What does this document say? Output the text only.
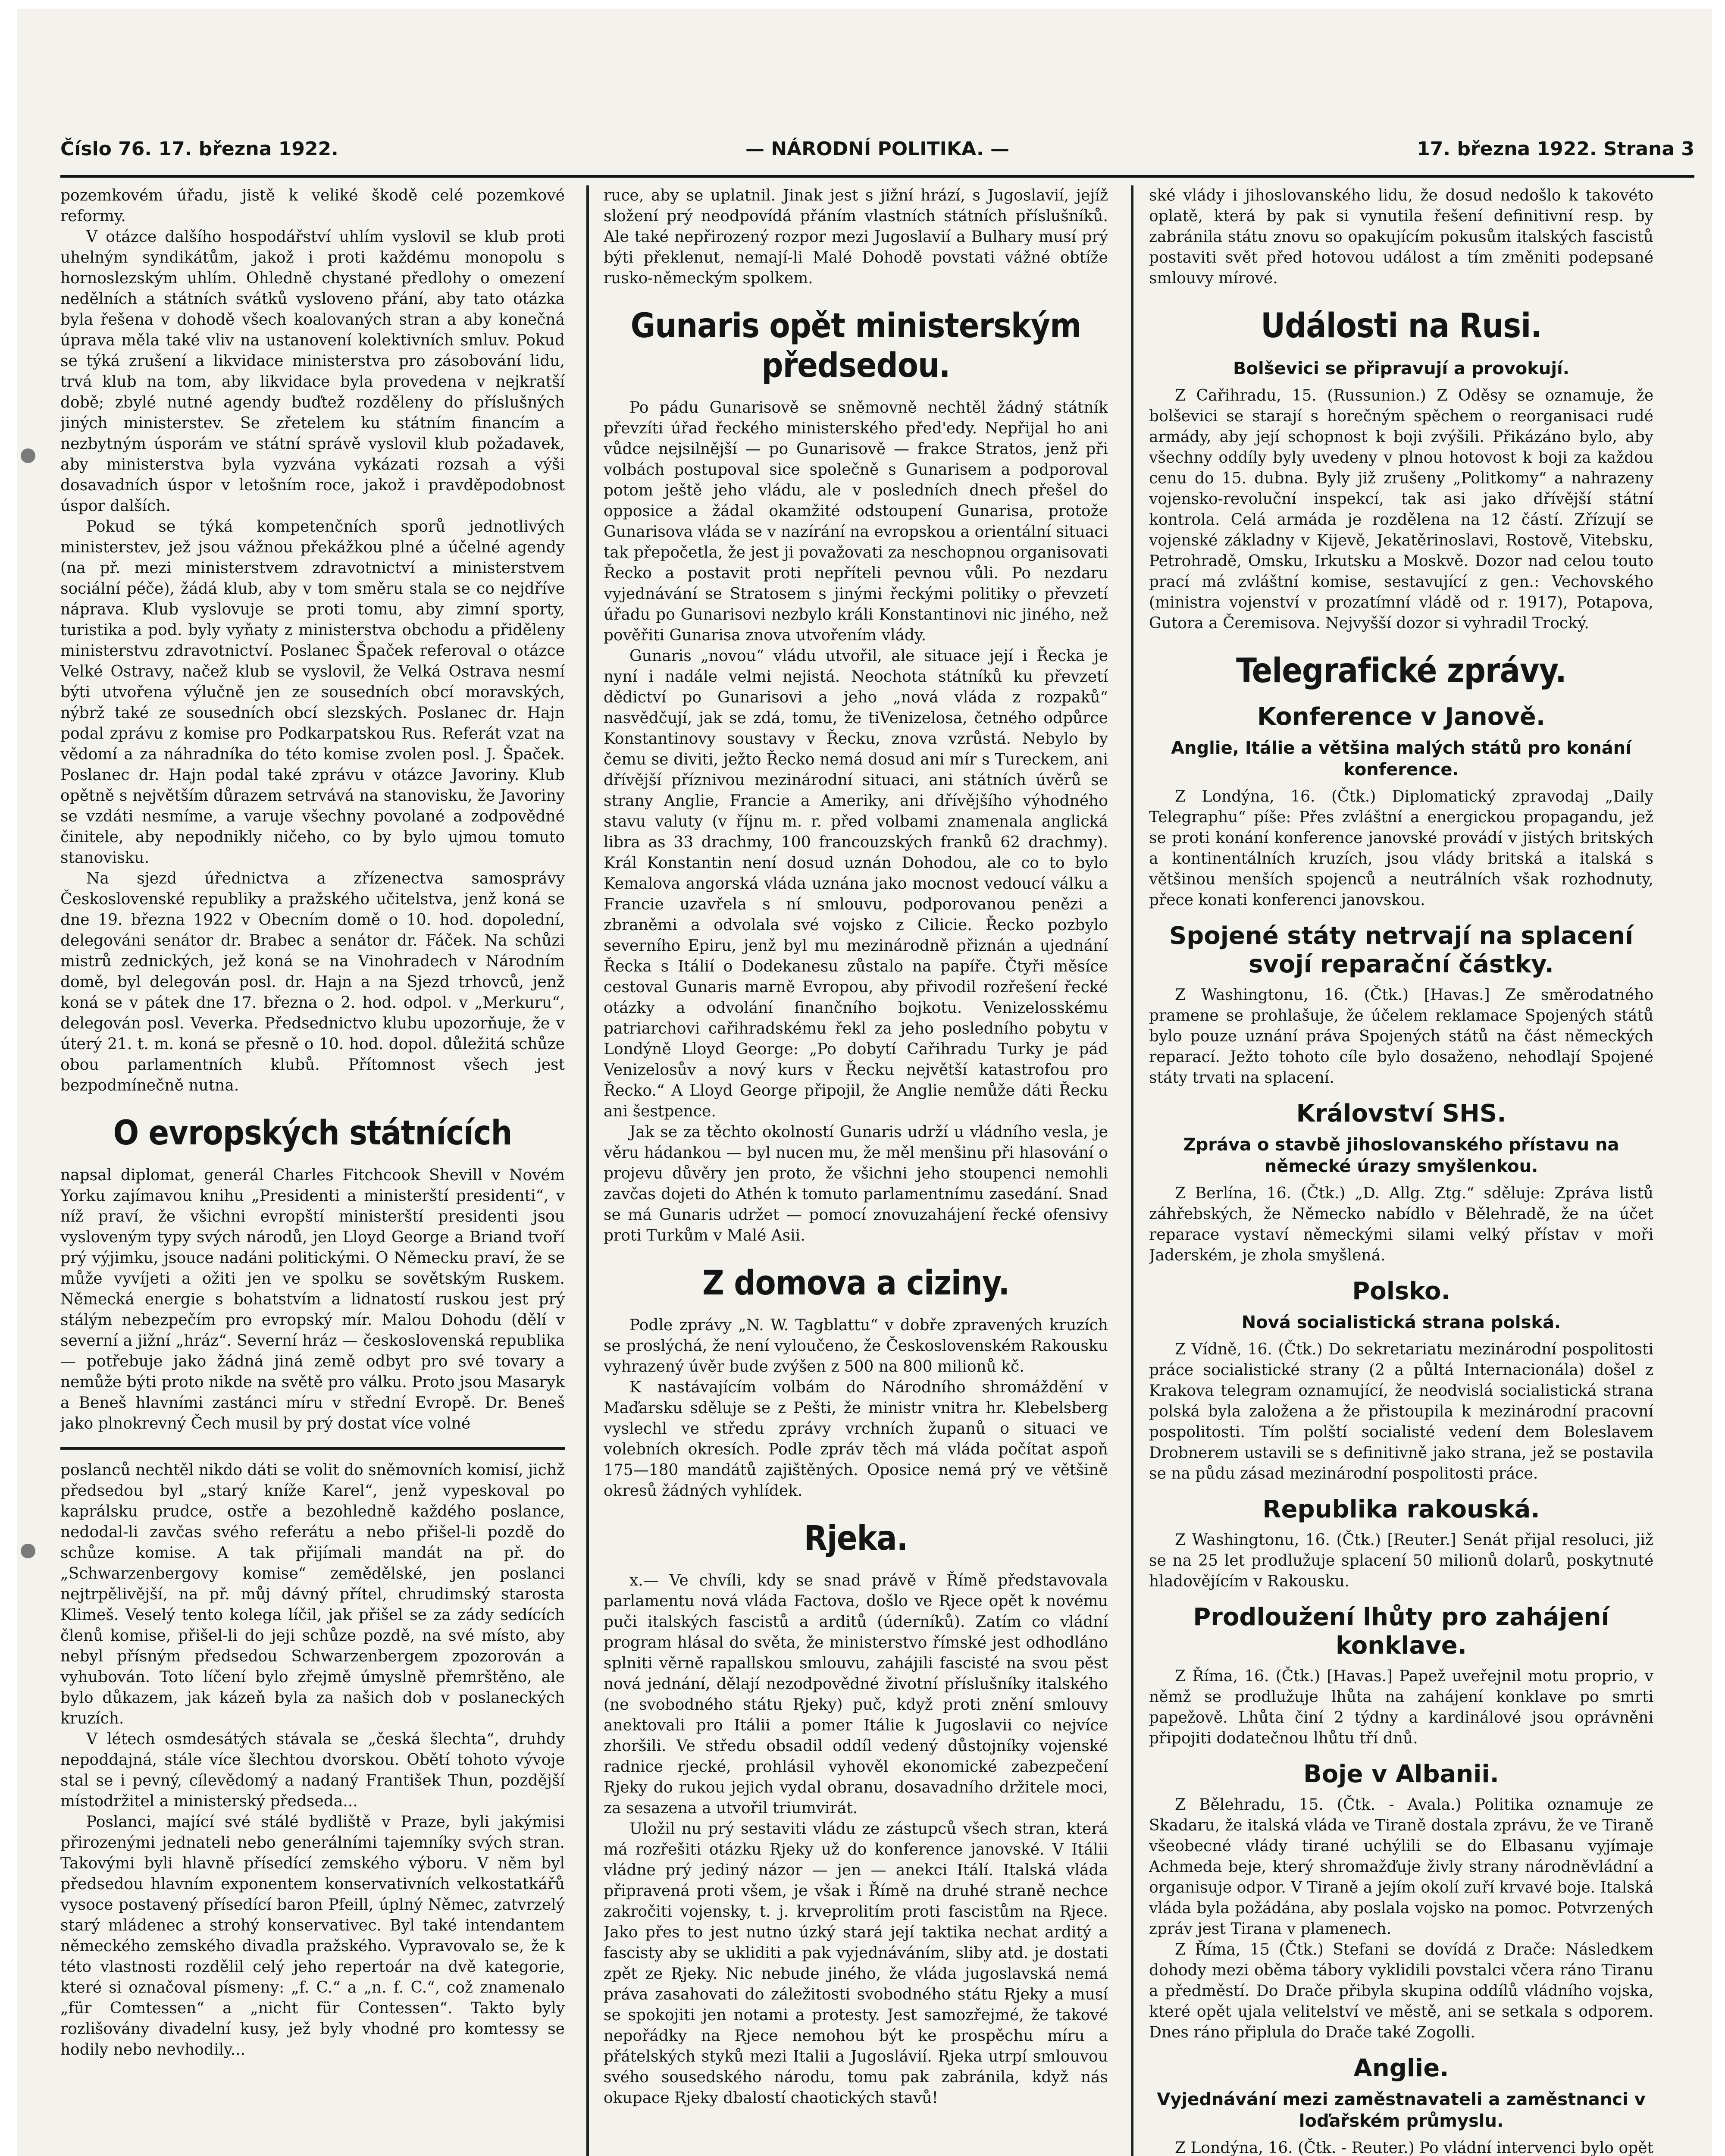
Číslo 76. 17. března 1922.	— NÁRODNÍ POLITIKA. —	17. března 1922. Strana 3

pozemkovém úřadu, jistě k veliké škodě celé pozemkové reformy.

V otázce dalšího hospodářství uhlím vyslovil se klub proti uhelným syndikátům, jakož i proti každému monopolu s hornoslezským uhlím. Ohledně chystané předlohy o omezení nedělních a státních svátků vysloveno přání, aby tato otázka byla řešena v dohodě všech koalovaných stran a aby konečná úprava měla také vliv na ustanovení kolektivních smluv. Pokud se týká zrušení a likvidace ministerstva pro zásobování lidu, trvá klub na tom, aby likvidace byla provedena v nejkratší době; zbylé nutné agendy buďtež rozděleny do příslušných jiných ministerstev. Se zřetelem ku státním financím a nezbytným úsporám ve státní správě vyslovil klub požadavek, aby ministerstva byla vyzvána vykázati rozsah a výši dosavadních úspor v letošním roce, jakož i pravděpodobnost úspor dalších.

Pokud se týká kompetenčních sporů jednotlivých ministerstev, jež jsou vážnou překážkou plné a účelné agendy (na př. mezi ministerstvem zdravotnictví a ministerstvem sociální péče), žádá klub, aby v tom směru stala se co nejdříve náprava. Klub vyslovuje se proti tomu, aby zimní sporty, turistika a pod. byly vyňaty z ministerstva obchodu a přiděleny ministerstvu zdravotnictví. Poslanec Špaček referoval o otázce Velké Ostravy, načež klub se vyslovil, že Velká Ostrava nesmí býti utvořena výlučně jen ze sousedních obcí moravských, nýbrž také ze sousedních obcí slezských. Poslanec dr. Hajn podal zprávu z komise pro Podkarpatskou Rus. Referát vzat na vědomí a za náhradníka do této komise zvolen posl. J. Špaček. Poslanec dr. Hajn podal také zprávu v otázce Javoriny. Klub opětně s největším důrazem setrvává na stanovisku, že Javoriny se vzdáti nesmíme, a varuje všechny povolané a zodpovědné činitele, aby nepodnikly ničeho, co by bylo ujmou tomuto stanovisku.

Na sjezd úřednictva a zřízenectva samosprávy Československé republiky a pražského učitelstva, jenž koná se dne 19. března 1922 v Obecním domě o 10. hod. dopolední, delegováni senátor dr. Brabec a senátor dr. Fáček. Na schůzi mistrů zednických, jež koná se na Vinohradech v Národním domě, byl delegován posl. dr. Hajn a na Sjezd trhovců, jenž koná se v pátek dne 17. března o 2. hod. odpol. v „Merkuru“, delegován posl. Veverka. Předsednictvo klubu upozorňuje, že v úterý 21. t. m. koná se přesně o 10. hod. dopol. důležitá schůze obou parlamentních klubů. Přítomnost všech jest bezpodmínečně nutna.

O evropských státnících

napsal diplomat, generál Charles Fitchcook Shevill v Novém Yorku zajímavou knihu „Presidenti a ministerští presidenti“, v níž praví, že všichni evropští ministerští presidenti jsou vysloveným typy svých národů, jen Lloyd George a Briand tvoří prý výjimku, jsouce nadáni politickými. O Německu praví, že se může vyvíjeti a ožiti jen ve spolku se sovětským Ruskem. Německá energie s bohatstvím a lidnatostí ruskou jest prý stálým nebezpečím pro evropský mír. Malou Dohodu (dělí v severní a jižní „hráz“. Severní hráz — československá republika — potřebuje jako žádná jiná země odbyt pro své tovary a nemůže býti proto nikde na světě pro válku. Proto jsou Masaryk a Beneš hlavními zastánci míru v střední Evropě. Dr. Beneš jako plnokrevný Čech musil by prý dostat více volné

poslanců nechtěl nikdo dáti se volit do sněmovních komisí, jichž předsedou byl „starý kníže Karel“, jenž vypeskoval po kaprálsku prudce, ostře a bezohledně každého poslance, nedodal-li zavčas svého referátu a nebo přišel-li pozdě do schůze komise. A tak přijímali mandát na př. do „Schwarzenbergovy komise“ zemědělské, jen poslanci nejtrpělivější, na př. můj dávný přítel, chrudimský starosta Klimeš. Veselý tento kolega líčil, jak přišel se za zády sedících členů komise, přišel-li do jeji schůze pozdě, na své místo, aby nebyl přísným předsedou Schwarzenbergem zpozorován a vyhubován. Toto líčení bylo zřejmě úmyslně přemrštěno, ale bylo důkazem, jak kázeň byla za našich dob v poslaneckých kruzích.

V létech osmdesátých stávala se „česká šlechta“, druhdy nepoddajná, stále více šlechtou dvorskou. Obětí tohoto vývoje stal se i pevný, cílevědomý a nadaný František Thun, pozdější místodržitel a ministerský předseda...

Poslanci, mající své stálé bydliště v Praze, byli jakýmisi přirozenými jednateli nebo generálními tajemníky svých stran. Takovými byli hlavně přísedící zemského výboru. V něm byl předsedou hlavním exponentem konservativních velkostatkářů vysoce postavený přísedící baron Pfeill, úplný Němec, zatvrzelý starý mládenec a strohý konservativec. Byl také intendantem německého zemského divadla pražského. Vypravovalo se, že k této vlastnosti rozdělil celý jeho repertoár na dvě kategorie, které si označoval písmeny: „f. C.“ a „n. f. C.“, což znamenalo „für Comtessen“ a „nicht für Contessen“. Takto byly rozlišovány divadelní kusy, jež byly vhodné pro komtessy se hodily nebo nevhodily...

ruce, aby se uplatnil. Jinak jest s jižní hrází, s Jugoslavií, jejíž složení prý neodpovídá přáním vlastních státních příslušníků. Ale také nepřirozený rozpor mezi Jugoslavií a Bulhary musí prý býti překlenut, nemají-li Malé Dohodě povstati vážné obtíže rusko-německým spolkem.

Gunaris opět ministerským předsedou.

Po pádu Gunarisově se sněmovně nechtěl žádný státník převzíti úřad řeckého ministerského před'edy. Nepřijal ho ani vůdce nejsilnější — po Gunarisově — frakce Stratos, jenž při volbách postupoval sice společně s Gunarisem a podporoval potom ještě jeho vládu, ale v posledních dnech přešel do opposice a žádal okamžité odstoupení Gunarisa, protože Gunarisova vláda se v nazírání na evropskou a orientální situaci tak přepočetla, že jest ji považovati za neschopnou organisovati Řecko a postavit proti nepříteli pevnou vůli. Po nezdaru vyjednávání se Stratosem s jinými řeckými politiky o převzetí úřadu po Gunarisovi nezbylo králi Konstantinovi nic jiného, než pověřiti Gunarisa znova utvořením vlády.

Gunaris „novou“ vládu utvořil, ale situace její i Řecka je nyní i nadále velmi nejistá. Neochota státníků ku převzetí dědictví po Gunarisovi a jeho „nová vláda z rozpaků“ nasvědčují, jak se zdá, tomu, že tiVenizelosa, četného odpůrce Konstantinovy soustavy v Řecku, znova vzrůstá. Nebylo by čemu se diviti, ježto Řecko nemá dosud ani mír s Tureckem, ani dřívější příznivou mezinárodní situaci, ani státních úvěrů se strany Anglie, Francie a Ameriky, ani dřívějšího výhodného stavu valuty (v říjnu m. r. před volbami znamenala anglická libra as 33 drachmy, 100 francouzských franků 62 drachmy). Král Konstantin není dosud uznán Dohodou, ale co to bylo Kemalova angorská vláda uznána jako mocnost vedoucí válku a Francie uzavřela s ní smlouvu, podporovanou penězi a zbraněmi a odvolala své vojsko z Cilicie. Řecko pozbylo severního Epiru, jenž byl mu mezinárodně přiznán a ujednání Řecka s Itálií o Dodekanesu zůstalo na papíře. Čtyři měsíce cestoval Gunaris marně Evropou, aby přivodil rozřešení řecké otázky a odvolání finančního bojkotu. Venizelosskému patriarchovi cařihradskému řekl za jeho posledního pobytu v Londýně Lloyd George: „Po dobytí Cařihradu Turky je pád Venizelosův a nový kurs v Řecku největší katastrofou pro Řecko.“ A Lloyd George připojil, že Anglie nemůže dáti Řecku ani šestpence.

Jak se za těchto okolností Gunaris udrží u vládního vesla, je věru hádankou — byl nucen mu, že měl menšinu při hlasování o projevu důvěry jen proto, že všichni jeho stoupenci nemohli zavčas dojeti do Athén k tomuto parlamentnímu zasedání. Snad se má Gunaris udržet — pomocí znovuzahájení řecké ofensivy proti Turkům v Malé Asii.

Z domova a ciziny.

Podle zprávy „N. W. Tagblattu“ v dobře zpravených kruzích se proslýchá, že není vyloučeno, že Československém Rakousku vyhrazený úvěr bude zvýšen z 500 na 800 milionů kč.

K nastávajícím volbám do Národního shromáždění v Maďarsku sděluje se z Pešti, že ministr vnitra hr. Klebelsberg vyslechl ve středu zprávy vrchních županů o situaci ve volebních okresích. Podle zpráv těch má vláda počítat aspoň 175—180 mandátů zajištěných. Oposice nemá prý ve většině okresů žádných vyhlídek.

Rjeka.

x.— Ve chvíli, kdy se snad právě v Římě představovala parlamentu nová vláda Factova, došlo ve Rjece opět k novému puči italských fascistů a arditů (úderníků). Zatím co vládní program hlásal do světa, že ministerstvo římské jest odhodláno splniti věrně rapallskou smlouvu, zahájili fascisté na svou pěst nová jednání, dělají nezodpovědné životní příslušníky italského (ne svobodného státu Rjeky) puč, když proti znění smlouvy anektovali pro Itálii a pomer Itálie k Jugoslavii co nejvíce zhoršili. Ve středu obsadil oddíl vedený důstojníky vojenské radnice rjecké, prohlásil vyhověl ekonomické zabezpečení Rjeky do rukou jejich vydal obranu, dosavadního držitele moci, za sesazena a utvořil triumvirát.

Uložil nu prý sestaviti vládu ze zástupců všech stran, která má rozřešiti otázku Rjeky už do konference janovské. V Itálii vládne prý jediný názor — jen — anekci Itálí. Italská vláda připravená proti všem, je však i Římě na druhé straně nechce zakročiti vojensky, t. j. krveprolitím proti fascistům na Rjece. Jako přes to jest nutno úzký stará její taktika nechat arditý a fascisty aby se ukliditi a pak vyjednáváním, sliby atd. je dostati zpět ze Rjeky. Nic nebude jiného, že vláda jugoslavská nemá práva zasahovati do záležitosti svobodného státu Rjeky a musí se spokojiti jen notami a protesty. Jest samozřejmé, že takové nepořádky na Rjece nemohou být ke prospěchu míru a přátelských styků mezi Italii a Jugoslávií. Rjeka utrpí smlouvou svého sousedského národu, tomu pak zabránila, když nás okupace Rjeky dbalostí chaotických stavů!

ské vlády i jihoslovanského lidu, že dosud nedošlo k takovéto oplatě, která by pak si vynutila řešení definitivní resp. by zabránila státu znovu so opakujícím pokusům italských fascistů postaviti svět před hotovou událost a tím změniti podepsané smlouvy mírové.

Události na Rusi.
Bolševici se připravují a provokují.

Z Cařihradu, 15. (Russunion.) Z Oděsy se oznamuje, že bolševici se starají s horečným spěchem o reorganisaci rudé armády, aby její schopnost k boji zvýšili. Přikázáno bylo, aby všechny oddíly byly uvedeny v plnou hotovost k boji za každou cenu do 15. dubna. Byly již zrušeny „Politkomy“ a nahrazeny vojensko-revoluční inspekcí, tak asi jako dřívější státní kontrola. Celá armáda je rozdělena na 12 částí. Zřízují se vojenské základny v Kijevě, Jekatěrinoslavi, Rostově, Vitebsku, Petrohradě, Omsku, Irkutsku a Moskvě. Dozor nad celou touto prací má zvláštní komise, sestavující z gen.: Vechovského (ministra vojenství v prozatímní vládě od r. 1917), Potapova, Gutora a Čeremisova. Nejvyšší dozor si vyhradil Trocký.

Telegrafické zprávy.
Konference v Janově.
Anglie, Itálie a většina malých států pro konání konference.

Z Londýna, 16. (Čtk.) Diplomatický zpravodaj „Daily Telegraphu“ píše: Přes zvláštní a energickou propagandu, jež se proti konání konference janovské provádí v jistých britských a kontinentálních kruzích, jsou vlády britská a italská s většinou menších spojenců a neutrálních však rozhodnuty, přece konati konferenci janovskou.

Spojené státy netrvají na splacení svojí reparační částky.

Z Washingtonu, 16. (Čtk.) [Havas.] Ze směrodatného pramene se prohlašuje, že účelem reklamace Spojených států bylo pouze uznání práva Spojených států na část německých reparací. Ježto tohoto cíle bylo dosaženo, nehodlají Spojené státy trvati na splacení.

Království SHS.
Zpráva o stavbě jihoslovanského přístavu na německé úrazy smyšlenkou.

Z Berlína, 16. (Čtk.) „D. Allg. Ztg.“ sděluje: Zpráva listů záhřebských, že Německo nabídlo v Bělehradě, že na účet reparace vystaví německými silami velký přístav v moři Jaderském, je zhola smyšlená.

Polsko.
Nová socialistická strana polská.

Z Vídně, 16. (Čtk.) Do sekretariatu mezinárodní pospolitosti práce socialistické strany (2 a půltá Internacionála) došel z Krakova telegram oznamující, že neodvislá socialistická strana polská byla založena a že přistoupila k mezinárodní pracovní pospolitosti. Tím polští socialisté vedení dem Boleslavem Drobnerem ustavili se s definitivně jako strana, jež se postavila se na půdu zásad mezinárodní pospolitosti práce.

Republika rakouská.

Z Washingtonu, 16. (Čtk.) [Reuter.] Senát přijal resoluci, již se na 25 let prodlužuje splacení 50 milionů dolarů, poskytnuté hladovějícím v Rakousku.

Prodloužení lhůty pro zahájení konklave.

Z Říma, 16. (Čtk.) [Havas.] Papež uveřejnil motu proprio, v němž se prodlužuje lhůta na zahájení konklave po smrti papežově. Lhůta činí 2 týdny a kardinálové jsou oprávněni připojiti dodatečnou lhůtu tří dnů.

Boje v Albanii.

Z Bělehradu, 15. (Čtk. - Avala.) Politika oznamuje ze Skadaru, že italská vláda ve Tiraně dostala zprávu, že ve Tiraně všeobecné vlády tirané uchýlili se do Elbasanu vyjímaje Achmeda beje, který shromažďuje živly strany národněvládní a organisuje odpor. V Tiraně a jejím okolí zuří krvavé boje. Italská vláda byla požádána, aby poslala vojsko na pomoc. Potvrzených zpráv jest Tirana v plamenech.

Z Říma, 15 (Čtk.) Stefani se dovídá z Drače: Následkem dohody mezi oběma tábory vyklidili povstalci včera ráno Tiranu a předměstí. Do Drače přibyla skupina oddílů vládního vojska, které opět ujala velitelství ve městě, ani se setkala s odporem. Dnes ráno připlula do Drače také Zogolli.

Anglie.
Vyjednávání mezi zaměstnavateli a zaměstnanci v loďařském průmyslu.

Z Londýna, 16. (Čtk. - Reuter.) Po vládní intervenci bylo opět
